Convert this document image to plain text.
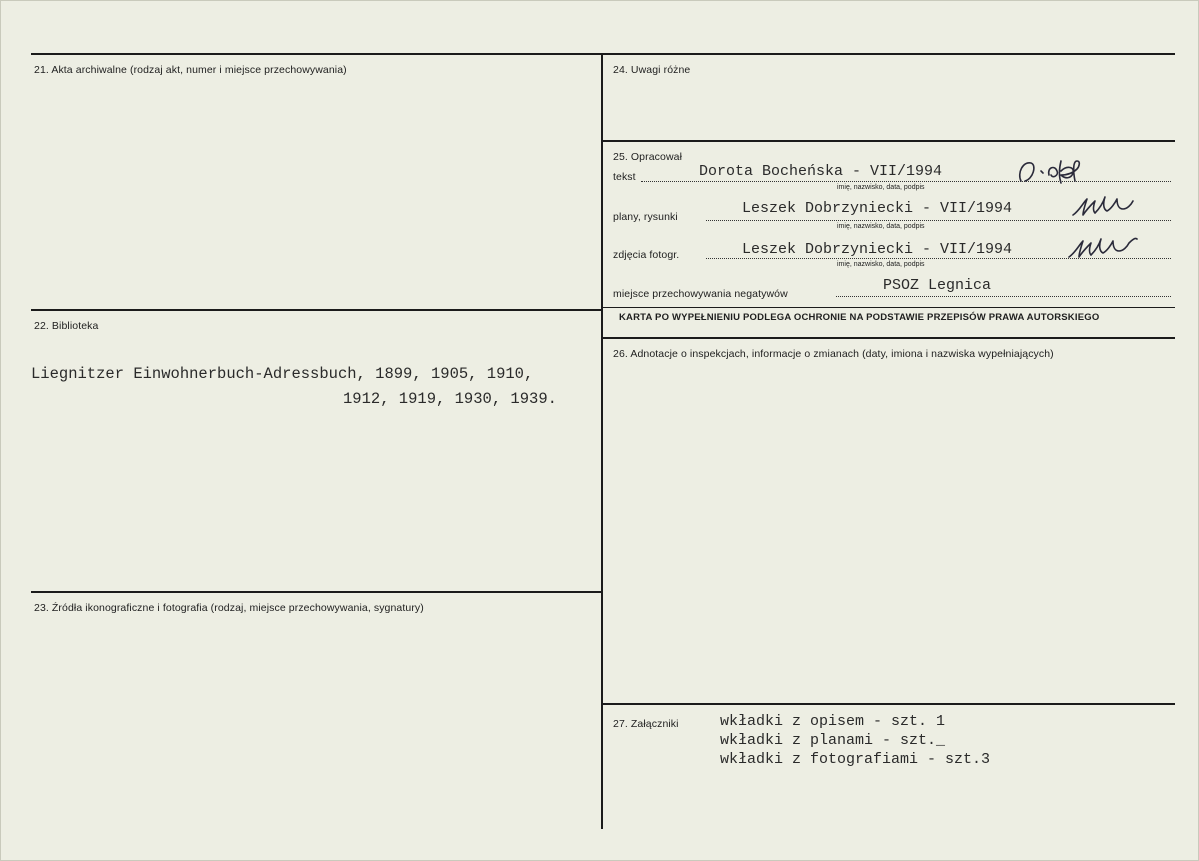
21. Akta archiwalne (rodzaj akt, numer i miejsce przechowywania)
22. Biblioteka
Liegnitzer Einwohnerbuch-Adressbuch, 1899, 1905, 1910,
1912, 1919, 1930, 1939.
23. Źródła ikonograficzne i fotografia (rodzaj, miejsce przechowywania, sygnatury)
24. Uwagi różne
25. Opracował
tekst	Dorota Bocheńska - VII/1994
imię, nazwisko, data, podpis
plany, rysunki	Leszek Dobrzyniecki - VII/1994
imię, nazwisko, data, podpis
zdjęcia fotogr.	Leszek Dobrzyniecki - VII/1994
imię, nazwisko, data, podpis
miejsce przechowywania negatywów	PSOZ Legnica
KARTA PO WYPEŁNIENIU PODLEGA OCHRONIE NA PODSTAWIE PRZEPISÓW PRAWA AUTORSKIEGO
26. Adnotacje o inspekcjach, informacje o zmianach (daty, imiona i nazwiska wypełniających)
27. Załączniki	wkładki z opisem - szt. 1
wkładki z planami - szt._
wkładki z fotografiami - szt.3
